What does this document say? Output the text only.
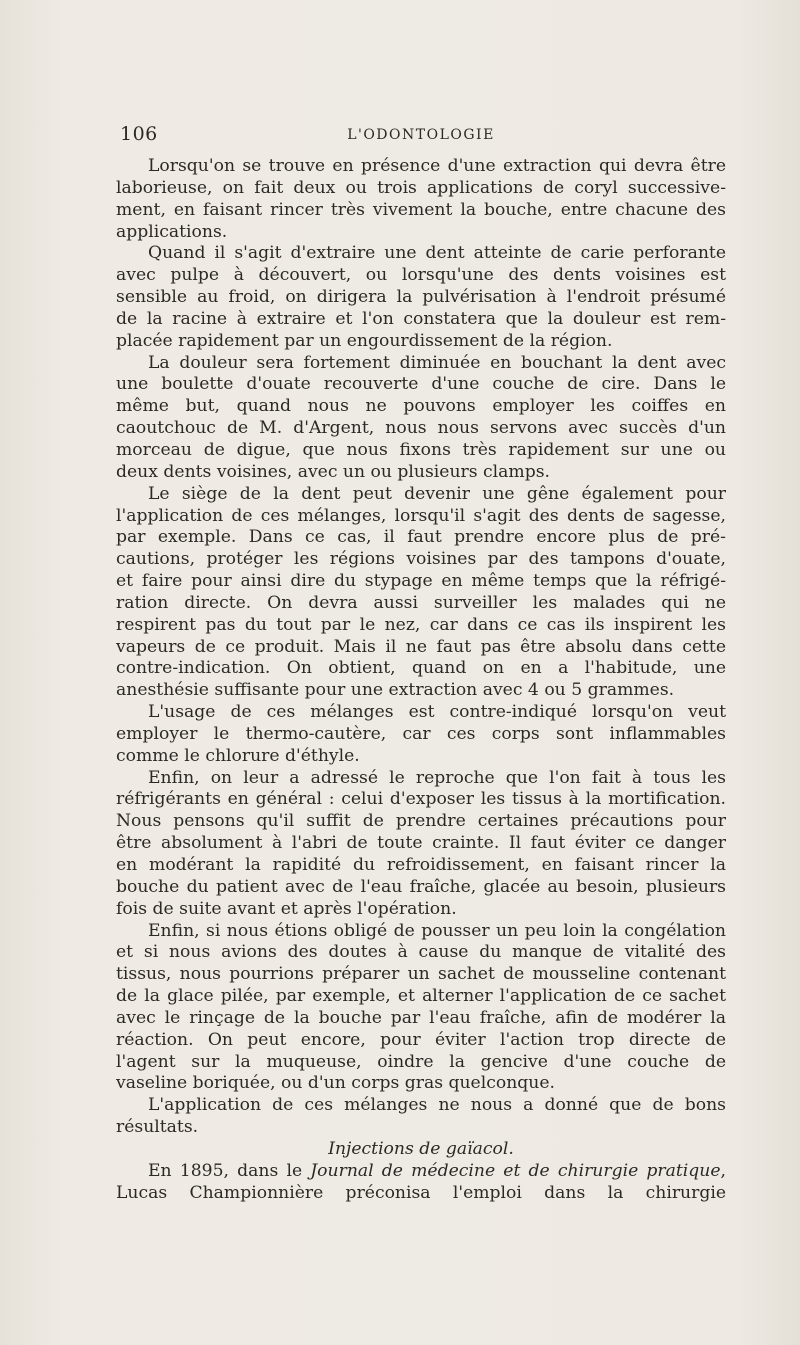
106	L'ODONTOLOGIE
Lorsqu'on se trouve en présence d'une extraction qui devra être
laborieuse, on fait deux ou trois applications de coryl successive-
ment, en faisant rincer très vivement la bouche, entre chacune des
applications.
Quand il s'agit d'extraire une dent atteinte de carie perforante
avec pulpe à découvert, ou lorsqu'une des dents voisines est
sensible au froid, on dirigera la pulvérisation à l'endroit présumé
de la racine à extraire et l'on constatera que la douleur est rem-
placée rapidement par un engourdissement de la région.
La douleur sera fortement diminuée en bouchant la dent avec
une boulette d'ouate recouverte d'une couche de cire. Dans le
même but, quand nous ne pouvons employer les coiffes en
caoutchouc de M. d'Argent, nous nous servons avec succès d'un
morceau de digue, que nous fixons très rapidement sur une ou
deux dents voisines, avec un ou plusieurs clamps.
Le siège de la dent peut devenir une gêne également pour
l'application de ces mélanges, lorsqu'il s'agit des dents de sagesse,
par exemple. Dans ce cas, il faut prendre encore plus de pré-
cautions, protéger les régions voisines par des tampons d'ouate,
et faire pour ainsi dire du stypage en même temps que la réfrigé-
ration directe. On devra aussi surveiller les malades qui ne
respirent pas du tout par le nez, car dans ce cas ils inspirent les
vapeurs de ce produit. Mais il ne faut pas être absolu dans cette
contre-indication. On obtient, quand on en a l'habitude, une
anesthésie suffisante pour une extraction avec 4 ou 5 grammes.
L'usage de ces mélanges est contre-indiqué lorsqu'on veut
employer le thermo-cautère, car ces corps sont inflammables
comme le chlorure d'éthyle.
Enfin, on leur a adressé le reproche que l'on fait à tous les
réfrigérants en général : celui d'exposer les tissus à la mortification.
Nous pensons qu'il suffit de prendre certaines précautions pour
être absolument à l'abri de toute crainte. Il faut éviter ce danger
en modérant la rapidité du refroidissement, en faisant rincer la
bouche du patient avec de l'eau fraîche, glacée au besoin, plusieurs
fois de suite avant et après l'opération.
Enfin, si nous étions obligé de pousser un peu loin la congélation
et si nous avions des doutes à cause du manque de vitalité des
tissus, nous pourrions préparer un sachet de mousseline contenant
de la glace pilée, par exemple, et alterner l'application de ce sachet
avec le rinçage de la bouche par l'eau fraîche, afin de modérer la
réaction. On peut encore, pour éviter l'action trop directe de
l'agent sur la muqueuse, oindre la gencive d'une couche de
vaseline boriquée, ou d'un corps gras quelconque.
L'application de ces mélanges ne nous a donné que de bons
résultats.
Injections de gaïacol.
En 1895, dans le Journal de médecine et de chirurgie pratique,
Lucas Championnière préconisa l'emploi dans la chirurgie
